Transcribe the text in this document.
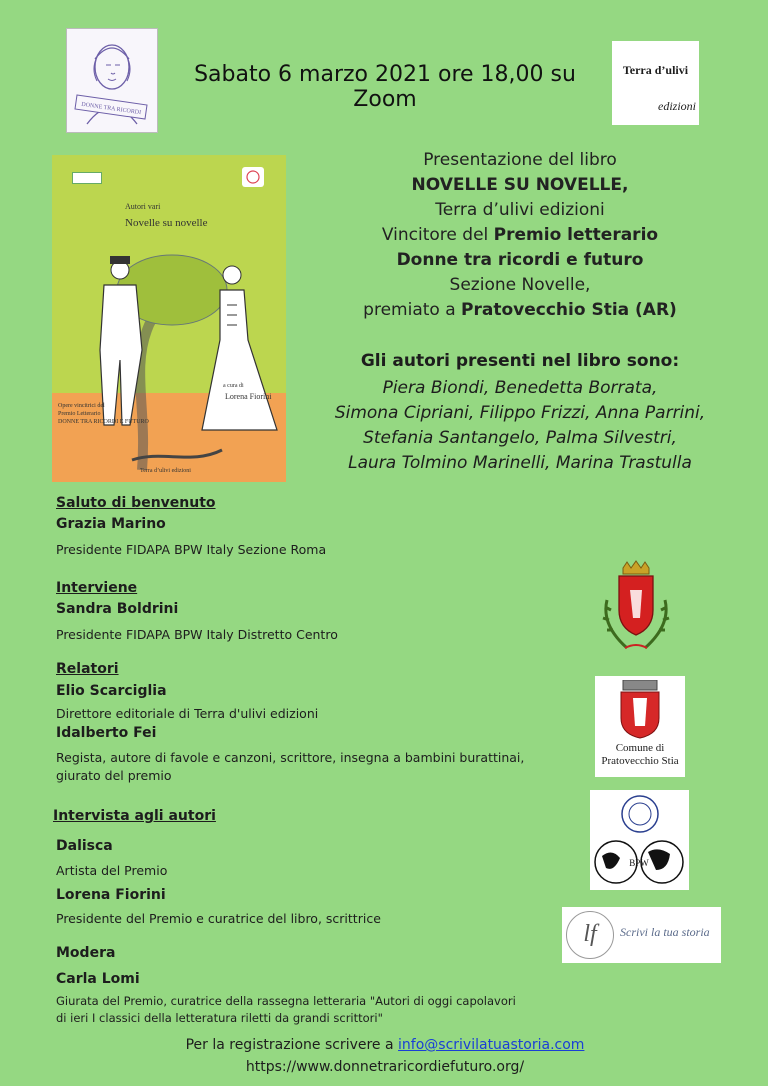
DONNE TRA RICORDI
Sabato 6 marzo 2021 ore 18,00 su Zoom
Terra d’ulivi
edizioni
Autori vari
Novelle su novelle
a cura di
Lorena Fiorini
Opere vincitrici del
Premio Letterario
DONNE TRA RICORDI E FUTURO
Terra d’ulivi edizioni
Presentazione del libro
NOVELLE SU NOVELLE,
Terra d’ulivi edizioni
Vincitore del Premio letterario
Donne tra ricordi e futuro
Sezione Novelle,
premiato a Pratovecchio Stia (AR)
Gli autori presenti nel libro sono:
Piera Biondi, Benedetta Borrata,
Simona Cipriani, Filippo Frizzi, Anna Parrini,
Stefania Santangelo, Palma Silvestri,
Laura Tolmino Marinelli, Marina Trastulla
Saluto di benvenuto
Grazia Marino
Presidente FIDAPA BPW Italy Sezione Roma
Interviene
Sandra Boldrini
Presidente FIDAPA BPW Italy Distretto Centro
Relatori
Elio Scarciglia
Direttore editoriale di Terra d'ulivi edizioni
Idalberto Fei
Regista, autore di favole e canzoni, scrittore, insegna a bambini burattinai,
giurato del premio
Intervista agli autori
Dalisca
Artista del Premio
Lorena Fiorini
Presidente del Premio e curatrice del libro, scrittrice
Modera
Carla Lomi
Giurata del Premio, curatrice della rassegna letteraria "Autori di oggi capolavori
di ieri I classici della letteratura riletti da grandi scrittori"
Comune di
Pratovecchio Stia
BPW
lf	Scrivi la tua storia
Per la registrazione scrivere a info@scrivilatuastoria.com
https://www.donnetraricordiefuturo.org/
